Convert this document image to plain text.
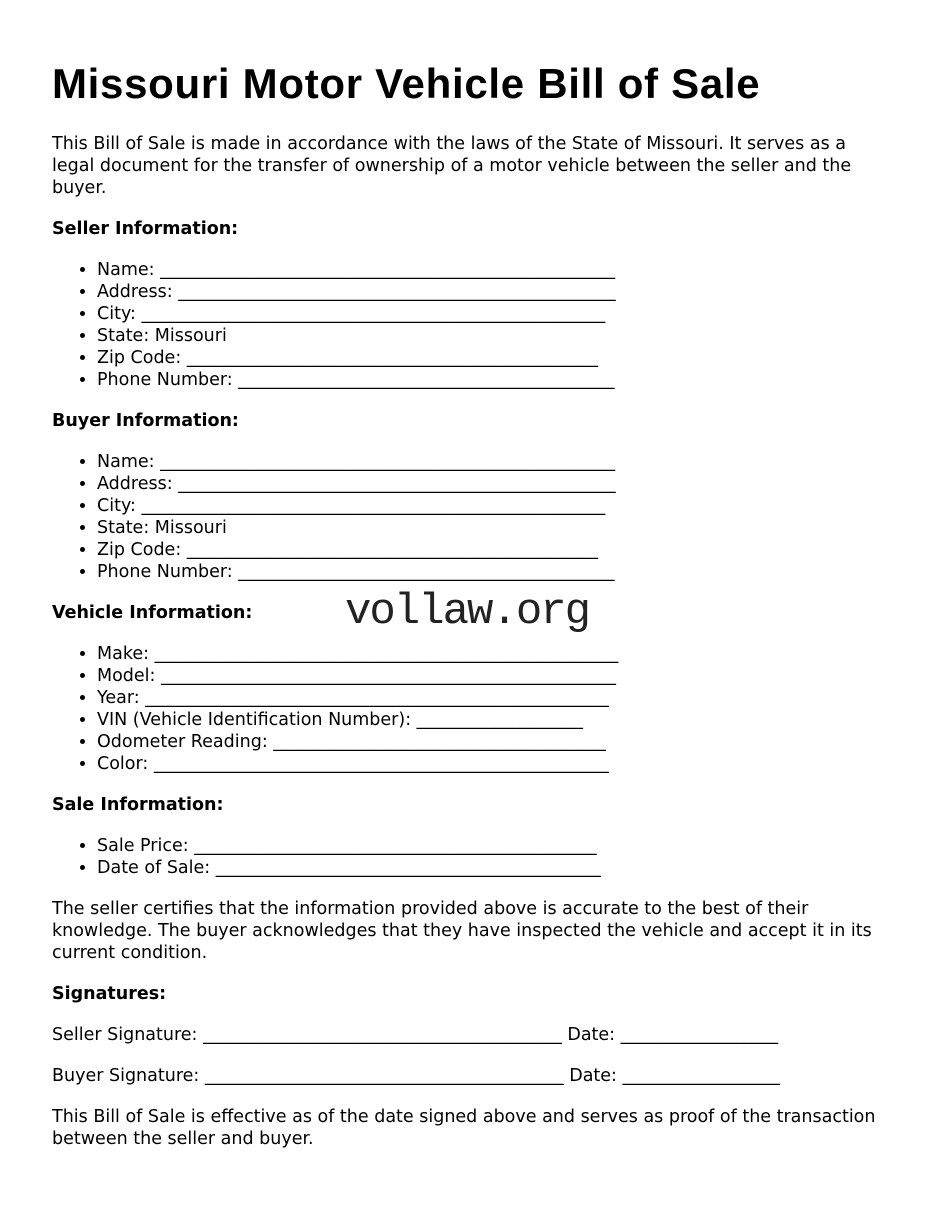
Missouri Motor Vehicle Bill of Sale

This Bill of Sale is made in accordance with the laws of the State of Missouri. It serves as a legal document for the transfer of ownership of a motor vehicle between the seller and the buyer.

Seller Information:

• Name: ____________________________________________________
• Address: __________________________________________________
• City: _____________________________________________________
• State: Missouri
• Zip Code: _______________________________________________
• Phone Number: ___________________________________________

Buyer Information:

• Name: ____________________________________________________
• Address: __________________________________________________
• City: _____________________________________________________
• State: Missouri
• Zip Code: _______________________________________________
• Phone Number: ___________________________________________

Vehicle Information: vollaw.org

• Make: _____________________________________________________
• Model: ____________________________________________________
• Year: _____________________________________________________
• VIN (Vehicle Identification Number): ___________________
• Odometer Reading: ______________________________________
• Color: ____________________________________________________

Sale Information:

• Sale Price: ______________________________________________
• Date of Sale: ____________________________________________

The seller certifies that the information provided above is accurate to the best of their knowledge. The buyer acknowledges that they have inspected the vehicle and accept it in its current condition.

Signatures:

Seller Signature: _________________________________________ Date: __________________

Buyer Signature: _________________________________________ Date: __________________

This Bill of Sale is effective as of the date signed above and serves as proof of the transaction between the seller and buyer.
